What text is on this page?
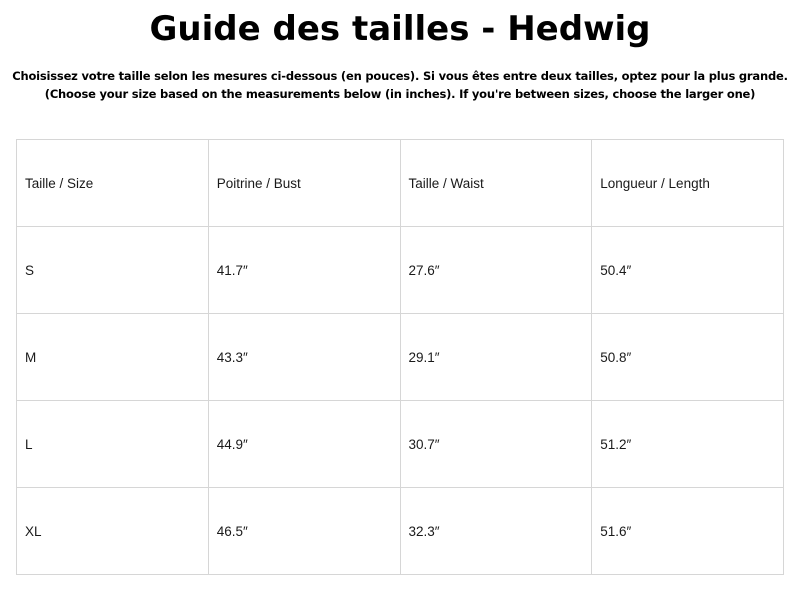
Guide des tailles - Hedwig
Choisissez votre taille selon les mesures ci-dessous (en pouces). Si vous êtes entre deux tailles, optez pour la plus grande.
(Choose your size based on the measurements below (in inches). If you're between sizes, choose the larger one)
Taille / Size	Poitrine / Bust	Taille / Waist	Longueur / Length
S	41.7″	27.6″	50.4″
M	43.3″	29.1″	50.8″
L	44.9″	30.7″	51.2″
XL	46.5″	32.3″	51.6″
